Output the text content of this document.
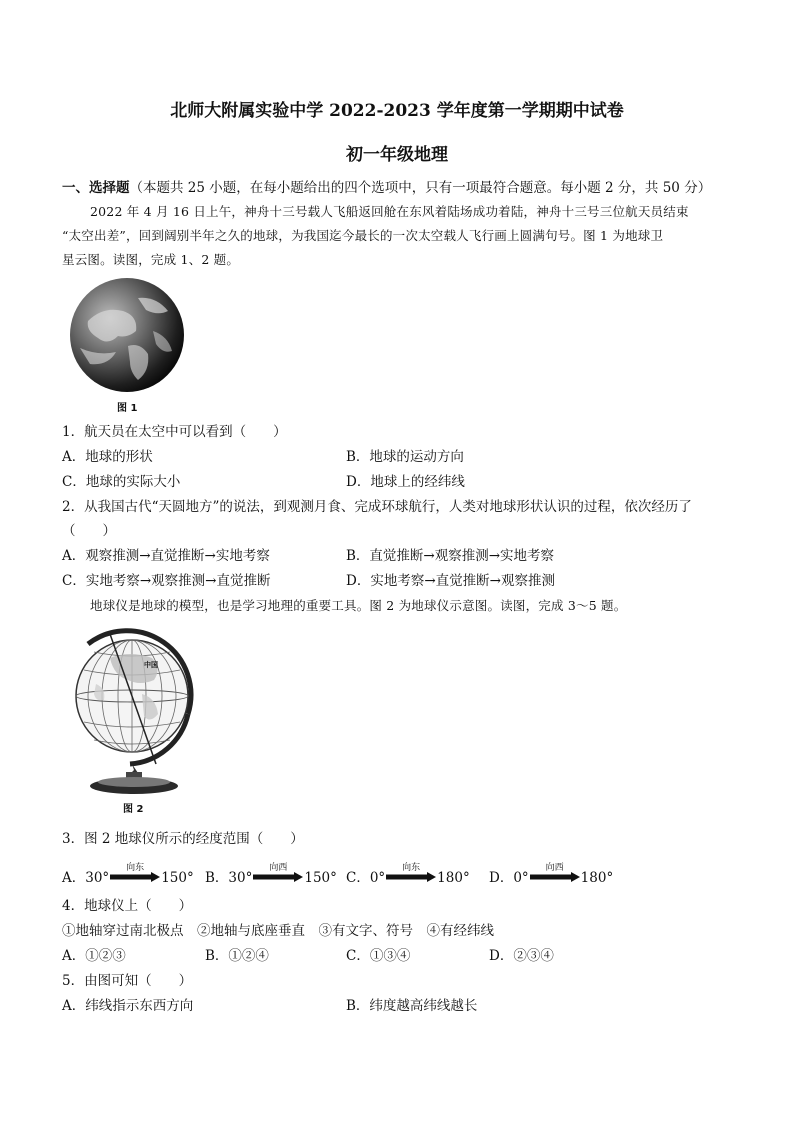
北师大附属实验中学 2022-2023 学年度第一学期期中试卷
初一年级地理
一、选择题（本题共 25 小题，在每小题给出的四个选项中，只有一项最符合题意。每小题 2 分，共 50 分）
2022 年 4 月 16 日上午，神舟十三号载人飞船返回舱在东风着陆场成功着陆，神舟十三号三位航天员结束
“太空出差”，回到阔别半年之久的地球，为我国迄今最长的一次太空载人飞行画上圆满句号。图 1 为地球卫
星云图。读图，完成 1、2 题。
图 1
1．航天员在太空中可以看到（　　）
A．地球的形状	B．地球的运动方向
C．地球的实际大小	D．地球上的经纬线
2．从我国古代“天圆地方”的说法，到观测月食、完成环球航行，人类对地球形状认识的过程，依次经历了
（　　）
A．观察推测→直觉推断→实地考察	B．直觉推断→观察推测→实地考察
C．实地考察→观察推测→直觉推断	D．实地考察→直觉推断→观察推测
地球仪是地球的模型，也是学习地理的重要工具。图 2 为地球仪示意图。读图，完成 3～5 题。
中国
图 2
3．图 2 地球仪所示的经度范围（　　）
A．30°
向东
150° B．30°
向西
150° C．0°
向东
180° D．0°
向西
180°
4．地球仪上（　　）
①地轴穿过南北极点　②地轴与底座垂直　③有文字、符号　④有经纬线
A．①②③	B．①②④	C．①③④	D．②③④
5．由图可知（　　）
A．纬线指示东西方向	B．纬度越高纬线越长
